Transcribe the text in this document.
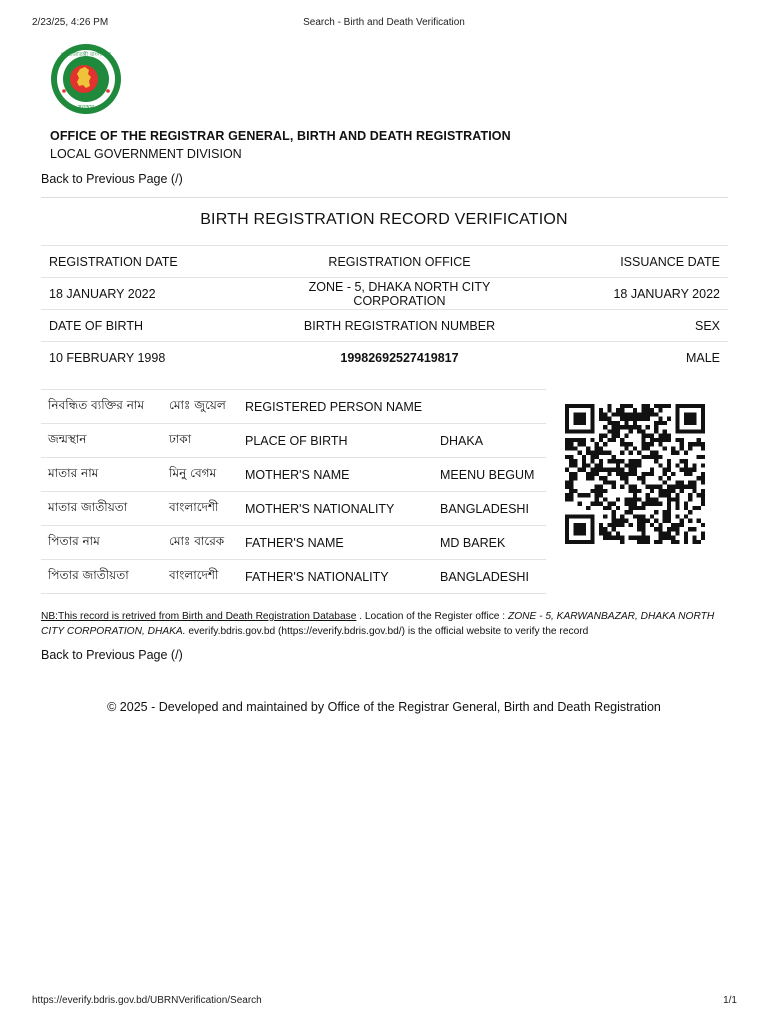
2/23/25, 4:26 PM	Search - Birth and Death Verification
গণপ্রজাতন্ত্রী বাংলাদেশ
সরকার
OFFICE OF THE REGISTRAR GENERAL, BIRTH AND DEATH REGISTRATION
LOCAL GOVERNMENT DIVISION
Back to Previous Page (/)
BIRTH REGISTRATION RECORD VERIFICATION
REGISTRATION DATE	REGISTRATION OFFICE	ISSUANCE DATE
18 JANUARY 2022	ZONE - 5, DHAKA NORTH CITY CORPORATION	18 JANUARY 2022
DATE OF BIRTH	BIRTH REGISTRATION NUMBER	SEX
10 FEBRUARY 1998	19982692527419817	MALE
নিবন্ধিত ব্যক্তির নাম	মোঃ জুয়েল	REGISTERED PERSON NAME	
জন্মস্থান	ঢাকা	PLACE OF BIRTH	DHAKA
মাতার নাম	মিনু বেগম	MOTHER'S NAME	MEENU BEGUM
মাতার জাতীয়তা	বাংলাদেশী	MOTHER'S NATIONALITY	BANGLADESHI
পিতার নাম	মোঃ বারেক	FATHER'S NAME	MD BAREK
পিতার জাতীয়তা	বাংলাদেশী	FATHER'S NATIONALITY	BANGLADESHI
NB:This record is retrived from Birth and Death Registration Database . Location of the Register office : ZONE - 5, KARWANBAZAR, DHAKA NORTH CITY CORPORATION, DHAKA. everify.bdris.gov.bd (https://everify.bdris.gov.bd/) is the official website to verify the record
Back to Previous Page (/)
© 2025 - Developed and maintained by Office of the Registrar General, Birth and Death Registration
https://everify.bdris.gov.bd/UBRNVerification/Search	1/1
